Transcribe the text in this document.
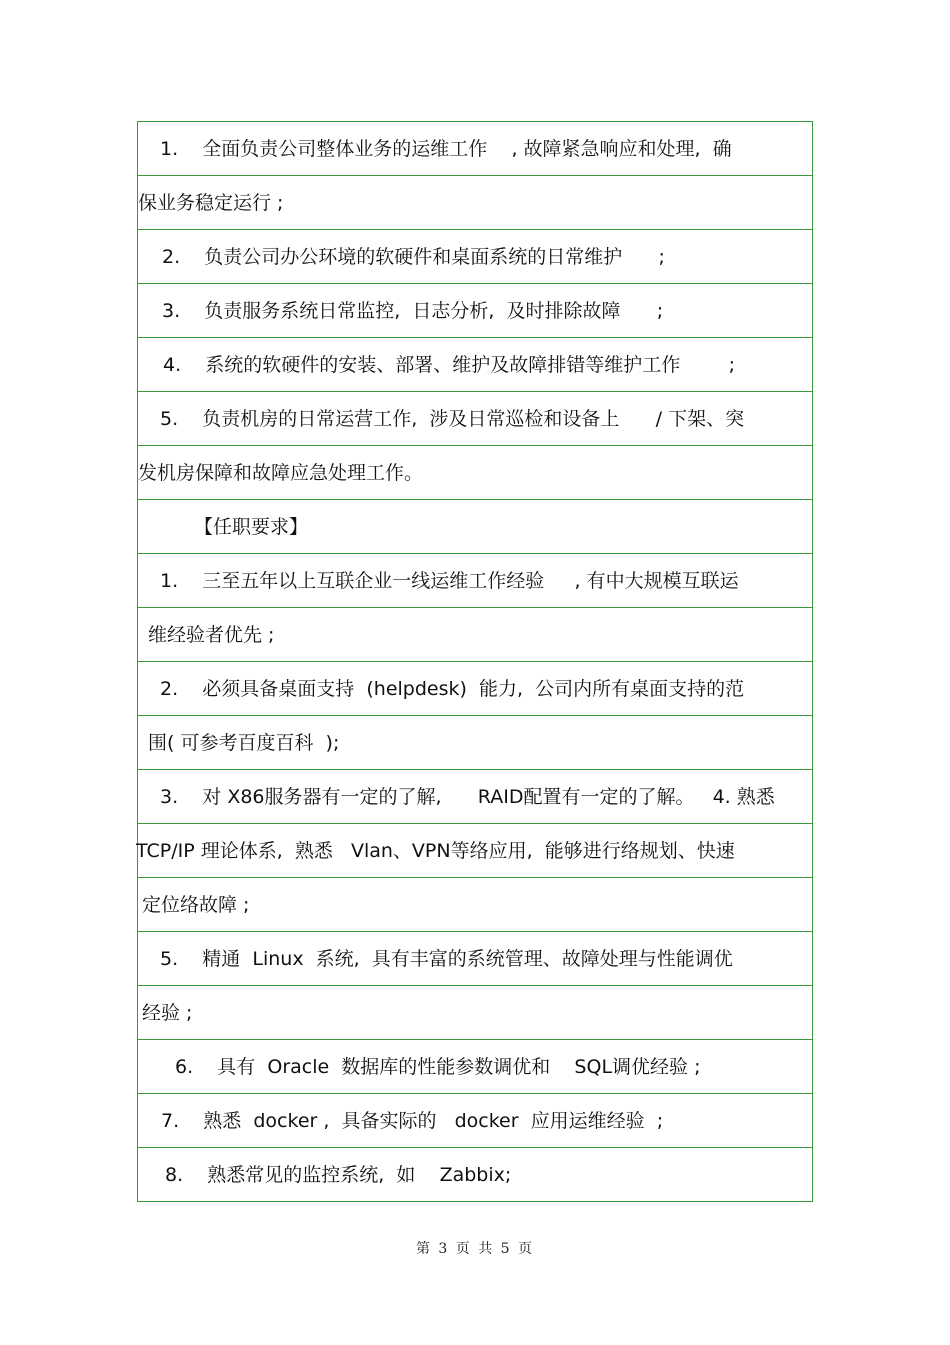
1.    全面负责公司整体业务的运维工作    , 故障紧急响应和处理,  确
保业务稳定运行 ;
2.    负责公司办公环境的软硬件和桌面系统的日常维护      ;
3.    负责服务系统日常监控,  日志分析,  及时排除故障      ;
4.    系统的软硬件的安装、部署、维护及故障排错等维护工作        ;
5.    负责机房的日常运营工作,  涉及日常巡检和设备上      / 下架、突
发机房保障和故障应急处理工作。
【任职要求】
1.    三至五年以上互联企业一线运维工作经验     , 有中大规模互联运
维经验者优先 ;
2.    必须具备桌面支持  (helpdesk)  能力,  公司内所有桌面支持的范
围( 可参考百度百科  );
3.    对 X86服务器有一定的了解,      RAID配置有一定的了解。   4. 熟悉
TCP/IP 理论体系,  熟悉   Vlan、VPN等络应用,  能够进行络规划、快速
定位络故障 ;
5.    精通  Linux  系统,  具有丰富的系统管理、故障处理与性能调优
经验 ;
6.    具有  Oracle  数据库的性能参数调优和    SQL调优经验 ;
7.    熟悉  docker ,  具备实际的   docker  应用运维经验  ;
8.    熟悉常见的监控系统,  如    Zabbix;
第 3 页 共 5 页
